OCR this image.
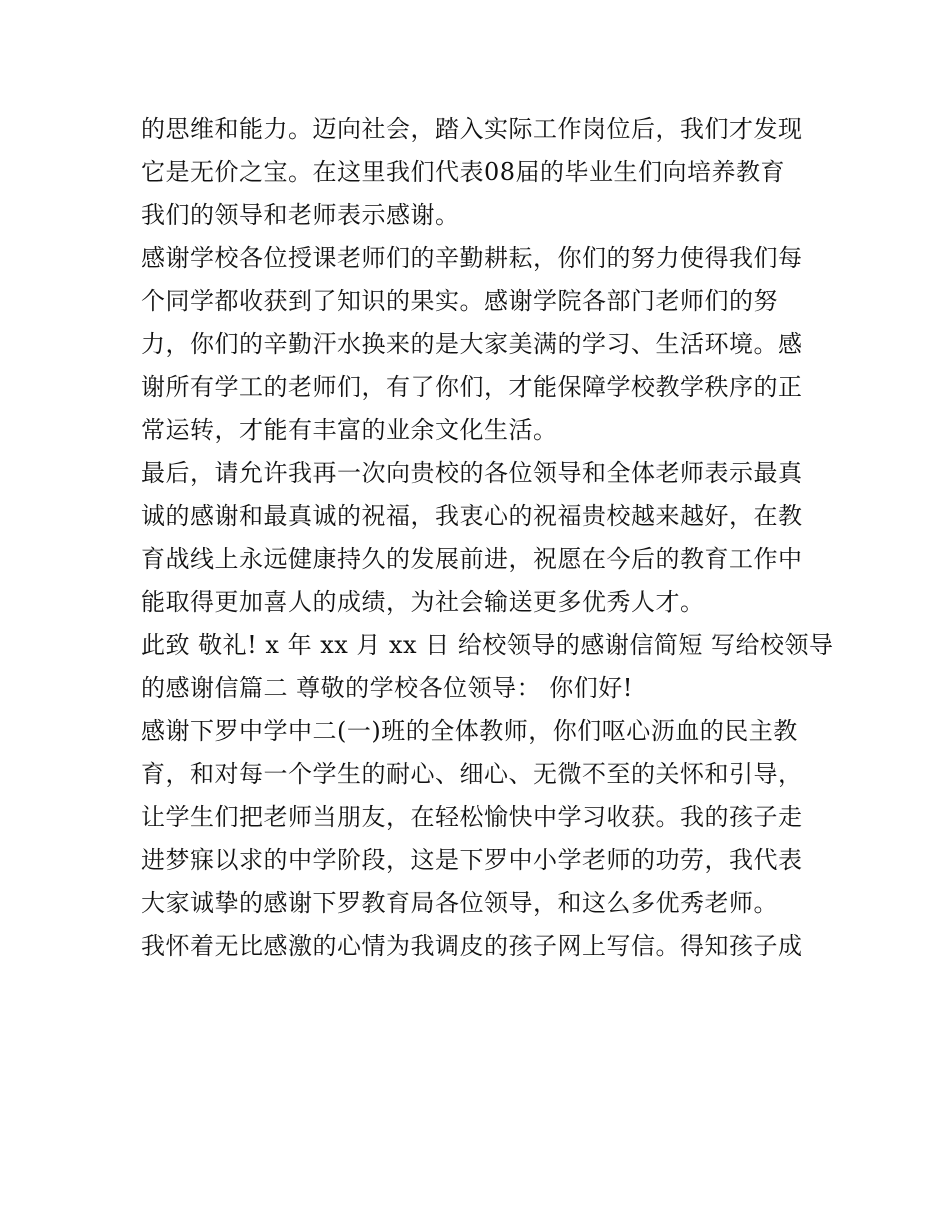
的思维和能力。迈向社会，踏入实际工作岗位后，我们才发现
它是无价之宝。在这里我们代表08届的毕业生们向培养教育
我们的领导和老师表示感谢。
感谢学校各位授课老师们的辛勤耕耘，你们的努力使得我们每
个同学都收获到了知识的果实。感谢学院各部门老师们的努
力，你们的辛勤汗水换来的是大家美满的学习、生活环境。感
谢所有学工的老师们，有了你们，才能保障学校教学秩序的正
常运转，才能有丰富的业余文化生活。
最后，请允许我再一次向贵校的各位领导和全体老师表示最真
诚的感谢和最真诚的祝福，我衷心的祝福贵校越来越好，在教
育战线上永远健康持久的发展前进，祝愿在今后的教育工作中
能取得更加喜人的成绩，为社会输送更多优秀人才。
此致 敬礼! x 年 xx 月 xx 日 给校领导的感谢信简短 写给校领导
的感谢信篇二 尊敬的学校各位领导： 你们好!
感谢下罗中学中二(一)班的全体教师，你们呕心沥血的民主教
育，和对每一个学生的耐心、细心、无微不至的关怀和引导，
让学生们把老师当朋友，在轻松愉快中学习收获。我的孩子走
进梦寐以求的中学阶段，这是下罗中小学老师的功劳，我代表
大家诚挚的感谢下罗教育局各位领导，和这么多优秀老师。
我怀着无比感激的心情为我调皮的孩子网上写信。得知孩子成
